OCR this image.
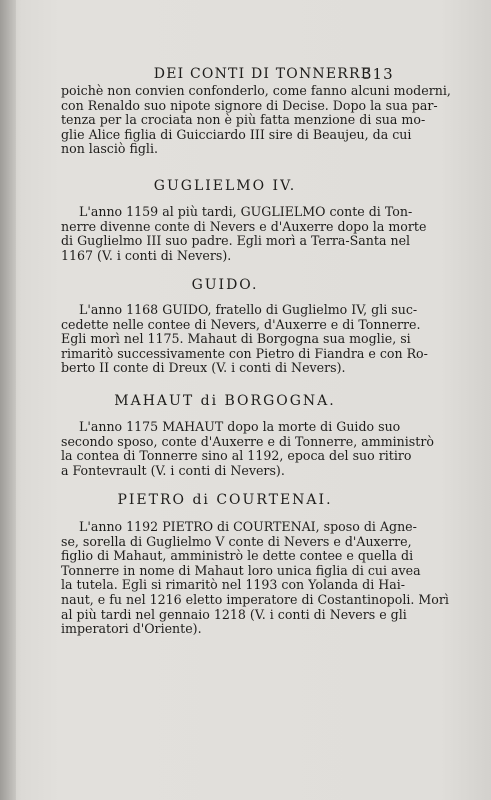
DEI CONTI DI TONNERRE
313
poichè non convien confonderlo, come fanno alcuni moderni,
con Renaldo suo nipote signore di Decise. Dopo la sua par-
tenza per la crociata non è più fatta menzione di sua mo-
glie Alice figlia di Guicciardo III sire di Beaujeu, da cui
non lasciò figli.
GUGLIELMO IV.
L'anno 1159 al più tardi, GUGLIELMO conte di Ton-
nerre divenne conte di Nevers e d'Auxerre dopo la morte
di Guglielmo III suo padre. Egli morì a Terra-Santa nel
1167 (V. i conti di Nevers).
GUIDO.
L'anno 1168 GUIDO, fratello di Guglielmo IV, gli suc-
cedette nelle contee di Nevers, d'Auxerre e di Tonnerre.
Egli morì nel 1175. Mahaut di Borgogna sua moglie, si
rimaritò successivamente con Pietro di Fiandra e con Ro-
berto II conte di Dreux (V. i conti di Nevers).
MAHAUT di BORGOGNA.
L'anno 1175 MAHAUT dopo la morte di Guido suo
secondo sposo, conte d'Auxerre e di Tonnerre, amministrò
la contea di Tonnerre sino al 1192, epoca del suo ritiro
a Fontevrault (V. i conti di Nevers).
PIETRO di COURTENAI.
L'anno 1192 PIETRO di COURTENAI, sposo di Agne-
se, sorella di Guglielmo V conte di Nevers e d'Auxerre,
figlio di Mahaut, amministrò le dette contee e quella di
Tonnerre in nome di Mahaut loro unica figlia di cui avea
la tutela. Egli si rimaritò nel 1193 con Yolanda di Hai-
naut, e fu nel 1216 eletto imperatore di Costantinopoli. Morì
al più tardi nel gennaio 1218 (V. i conti di Nevers e gli
imperatori d'Oriente).
